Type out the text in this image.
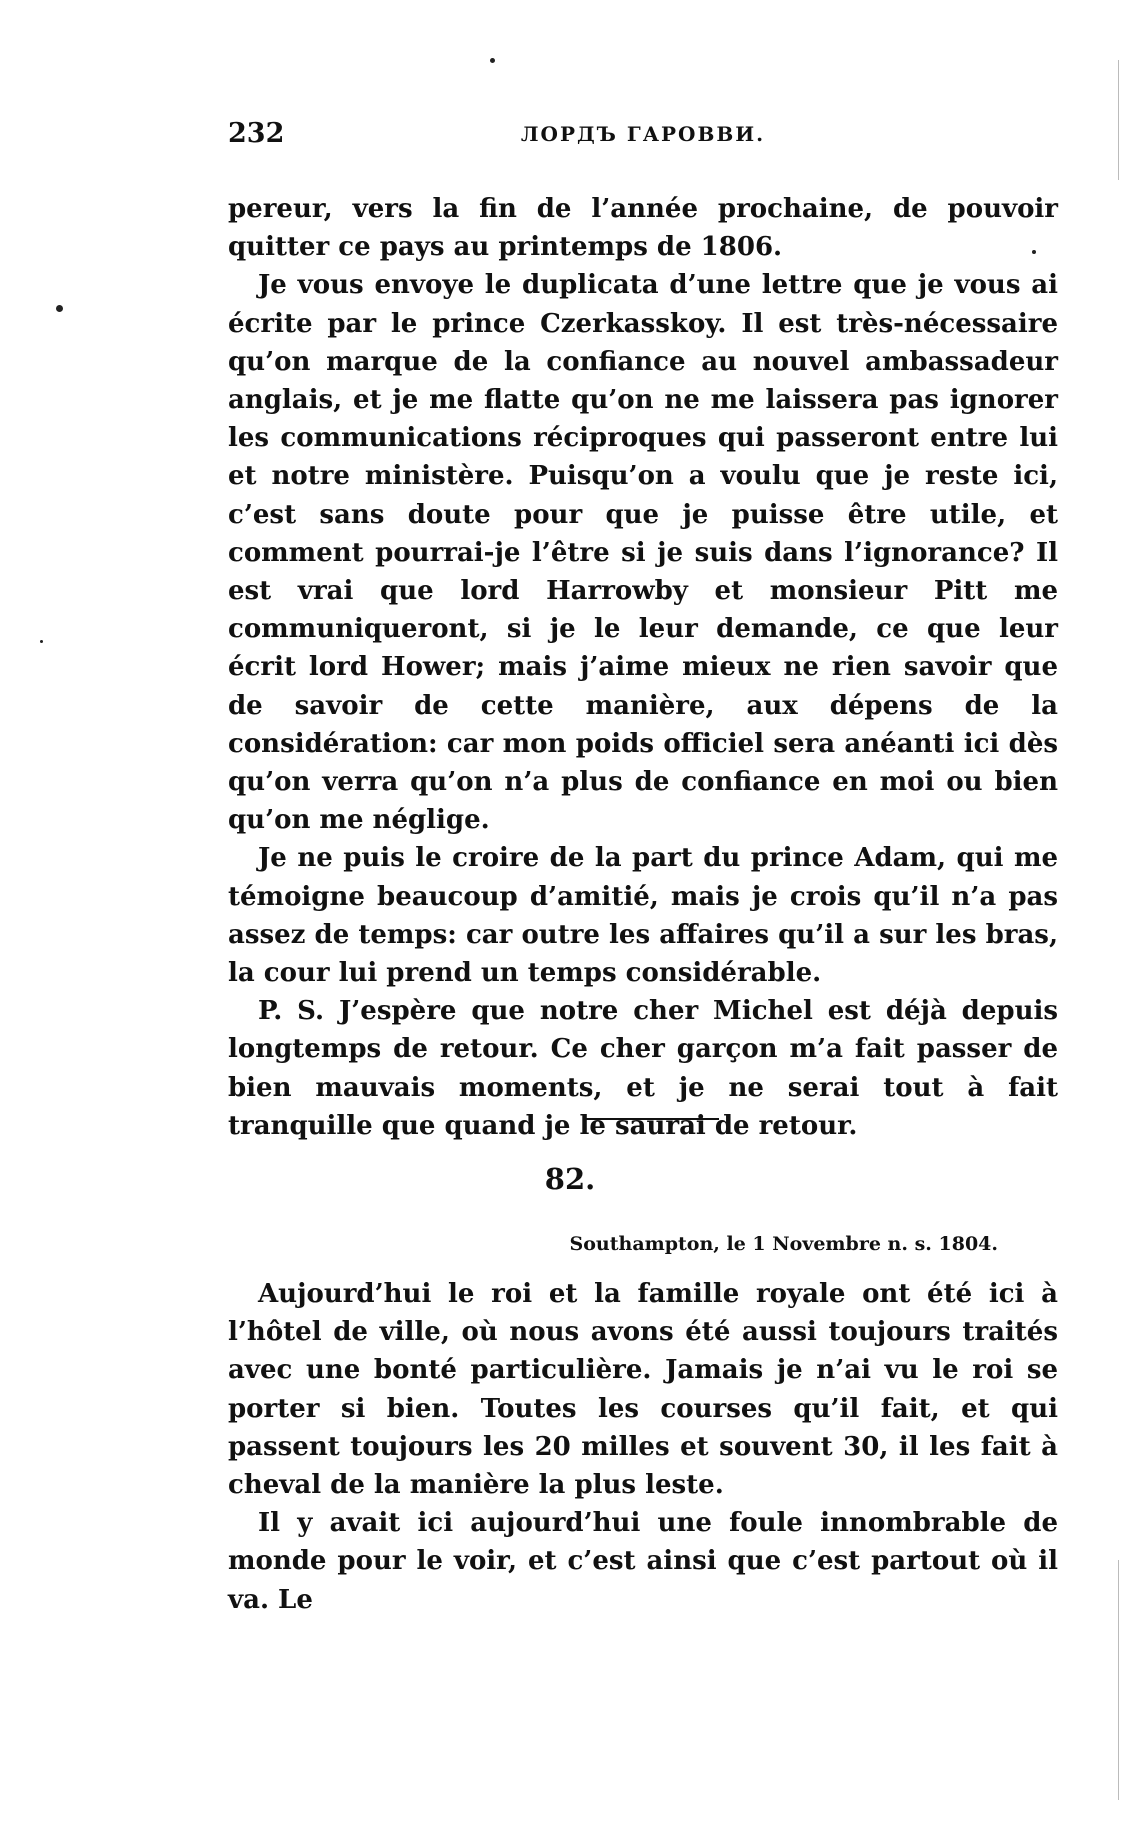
232	ЛОРДЪ ГАРОВВИ.

pereur, vers la fin de l’année prochaine, de pouvoir quitter ce pays au printemps de 1806.

Je vous envoye le duplicata d’une lettre que je vous ai écrite par le prince Czerkasskoy. Il est très-nécessaire qu’on marque de la confiance au nouvel ambassadeur anglais, et je me flatte qu’on ne me laissera pas ignorer les communications réciproques qui passeront entre lui et notre ministère. Puisqu’on a voulu que je reste ici, c’est sans doute pour que je puisse être utile, et comment pourrai-je l’être si je suis dans l’ignorance? Il est vrai que lord Harrowby et monsieur Pitt me communiqueront, si je le leur demande, ce que leur écrit lord Hower; mais j’aime mieux ne rien savoir que de savoir de cette manière, aux dépens de la considération: car mon poids officiel sera anéanti ici dès qu’on verra qu’on n’a plus de confiance en moi ou bien qu’on me néglige.

Je ne puis le croire de la part du prince Adam, qui me témoigne beaucoup d’amitié, mais je crois qu’il n’a pas assez de temps: car outre les affaires qu’il a sur les bras, la cour lui prend un temps considérable.

P. S. J’espère que notre cher Michel est déjà depuis longtemps de retour. Ce cher garçon m’a fait passer de bien mauvais moments, et je ne serai tout à fait tranquille que quand je le saurai de retour.

82.
Southampton, le 1 Novembre n. s. 1804.

Aujourd’hui le roi et la famille royale ont été ici à l’hôtel de ville, où nous avons été aussi toujours traités avec une bonté particulière. Jamais je n’ai vu le roi se porter si bien. Toutes les courses qu’il fait, et qui passent toujours les 20 milles et souvent 30, il les fait à cheval de la manière la plus leste.

Il y avait ici aujourd’hui une foule innombrable de monde pour le voir, et c’est ainsi que c’est partout où il va. Le
